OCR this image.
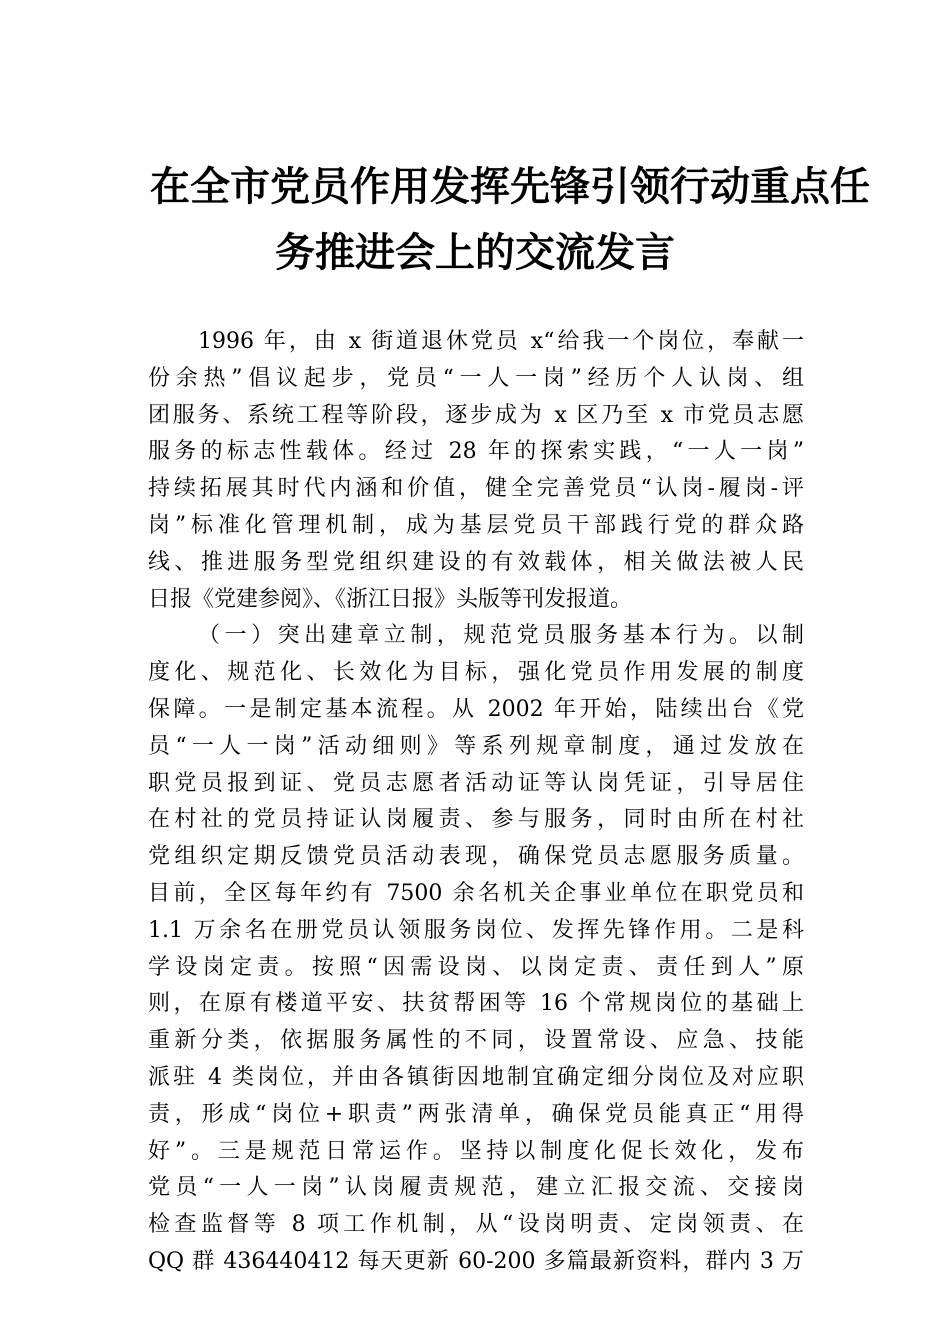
在全市党员作用发挥先锋引领行动重点任
务推进会上的交流发言
1996 年，由 x 街道退休党员 x“给我一个岗位，奉献一
份余热”倡议起步，党员“一人一岗”经历个人认岗、组
团服务、系统工程等阶段，逐步成为 x 区乃至 x 市党员志愿
服务的标志性载体。经过 28 年的探索实践，“一人一岗”
持续拓展其时代内涵和价值，健全完善党员“认岗-履岗-评
岗”标准化管理机制，成为基层党员干部践行党的群众路
线、推进服务型党组织建设的有效载体，相关做法被人民
日报《党建参阅》、《浙江日报》头版等刊发报道。
（一）突出建章立制，规范党员服务基本行为。以制
度化、规范化、长效化为目标，强化党员作用发展的制度
保障。一是制定基本流程。从 2002 年开始，陆续出台《党
员“一人一岗”活动细则》等系列规章制度，通过发放在
职党员报到证、党员志愿者活动证等认岗凭证，引导居住
在村社的党员持证认岗履责、参与服务，同时由所在村社
党组织定期反馈党员活动表现，确保党员志愿服务质量。
目前，全区每年约有 7500 余名机关企事业单位在职党员和
1.1 万余名在册党员认领服务岗位、发挥先锋作用。二是科
学设岗定责。按照“因需设岗、以岗定责、责任到人”原
则，在原有楼道平安、扶贫帮困等 16 个常规岗位的基础上
重新分类，依据服务属性的不同，设置常设、应急、技能
派驻 4 类岗位，并由各镇街因地制宜确定细分岗位及对应职
责，形成“岗位+职责”两张清单，确保党员能真正“用得
好”。三是规范日常运作。坚持以制度化促长效化，发布
党员“一人一岗”认岗履责规范，建立汇报交流、交接岗
检查监督等 8 项工作机制，从“设岗明责、定岗领责、在
QQ 群 436440412 每天更新 60-200 多篇最新资料，群内 3 万
